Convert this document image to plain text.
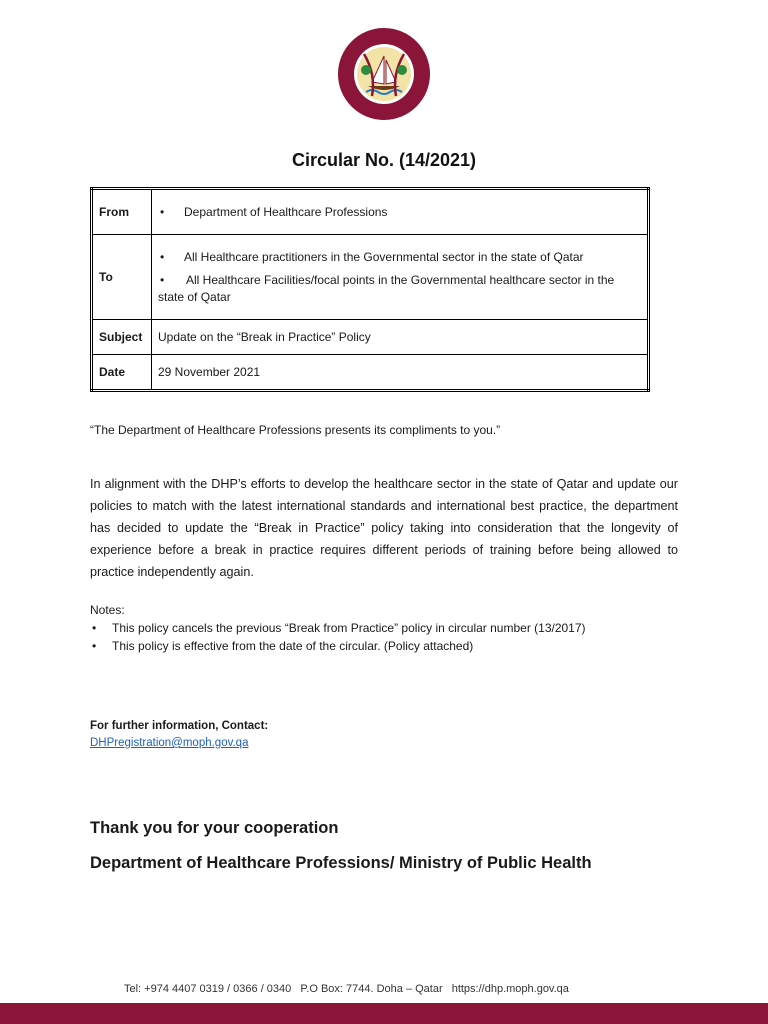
Circular No. (14/2021)
From	• Department of Healthcare Professions
To	• All Healthcare practitioners in the Governmental sector in the state of Qatar
• All Healthcare Facilities/focal points in the Governmental healthcare sector in the state of Qatar

Subject	Update on the “Break in Practice” Policy
Date	29 November 2021
“The Department of Healthcare Professions presents its compliments to you.”
In alignment with the DHP’s efforts to develop the healthcare sector in the state of Qatar and update our policies to match with the latest international standards and international best practice, the department has decided to update the “Break in Practice” policy taking into consideration that the longevity of experience before a break in practice requires different periods of training before being allowed to practice independently again.
Notes:
• This policy cancels the previous “Break from Practice” policy in circular number (13/2017)
• This policy is effective from the date of the circular. (Policy attached)
For further information, Contact:
DHPregistration@moph.gov.qa
Thank you for your cooperation
Department of Healthcare Professions/ Ministry of Public Health
Tel: +974 4407 0319 / 0366 / 0340 P.O Box: 7744. Doha – Qatar https://dhp.moph.gov.qa
